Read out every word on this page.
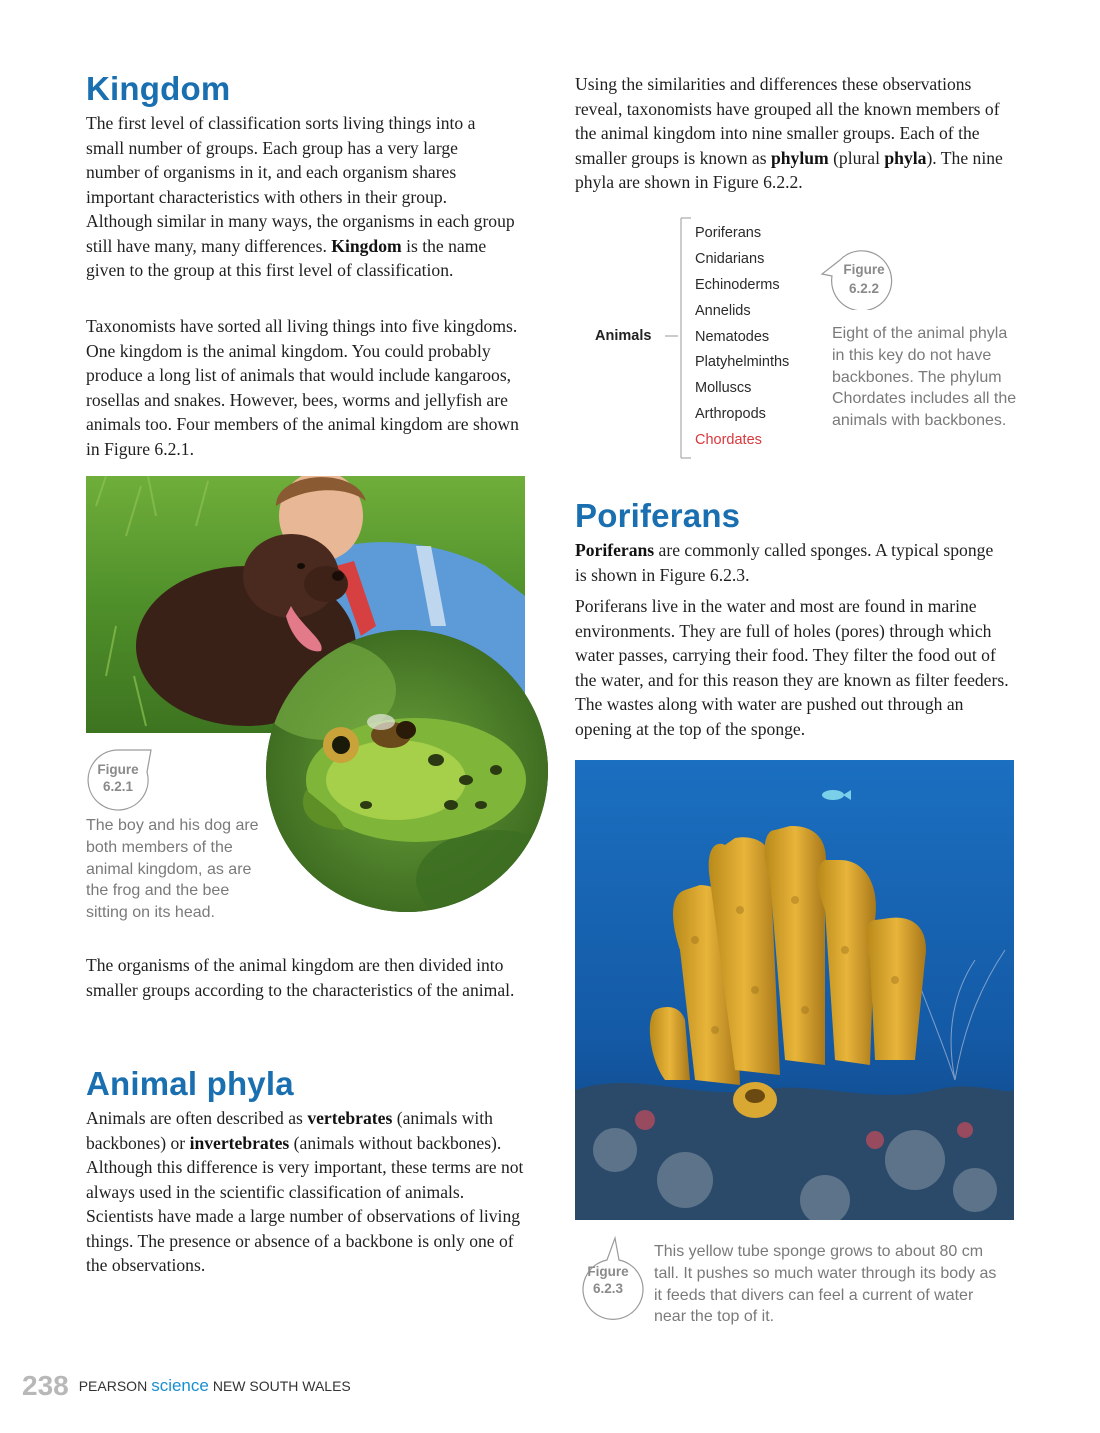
Kingdom

The first level of classification sorts living things into a small number of groups. Each group has a very large number of organisms in it, and each organism shares important characteristics with others in their group. Although similar in many ways, the organisms in each group still have many, many differences. Kingdom is the name given to the group at this first level of classification.

Taxonomists have sorted all living things into five kingdoms. One kingdom is the animal kingdom. You could probably produce a long list of animals that would include kangaroos, rosellas and snakes. However, bees, worms and jellyfish are animals too. Four members of the animal kingdom are shown in Figure 6.2.1.

Figure
6.2.1

The boy and his dog are both members of the animal kingdom, as are the frog and the bee sitting on its head.

The organisms of the animal kingdom are then divided into smaller groups according to the characteristics of the animal.

Animal phyla

Animals are often described as vertebrates (animals with backbones) or invertebrates (animals without backbones). Although this difference is very important, these terms are not always used in the scientific classification of animals. Scientists have made a large number of observations of living things. The presence or absence of a backbone is only one of the observations.

Using the similarities and differences these observations reveal, taxonomists have grouped all the known members of the animal kingdom into nine smaller groups. Each of the smaller groups is known as phylum (plural phyla). The nine phyla are shown in Figure 6.2.2.

Animals
Poriferans
Cnidarians
Echinoderms
Annelids
Nematodes
Platyhelminths
Molluscs
Arthropods
Chordates
Figure
6.2.2

Eight of the animal phyla in this key do not have backbones. The phylum Chordates includes all the animals with backbones.

Poriferans

Poriferans are commonly called sponges. A typical sponge is shown in Figure 6.2.3.

Poriferans live in the water and most are found in marine environments. They are full of holes (pores) through which water passes, carrying their food. They filter the food out of the water, and for this reason they are known as filter feeders. The wastes along with water are pushed out through an opening at the top of the sponge.

Figure
6.2.3

This yellow tube sponge grows to about 80 cm tall. It pushes so much water through its body as it feeds that divers can feel a current of water near the top of it.

238 PEARSON science NEW SOUTH WALES
